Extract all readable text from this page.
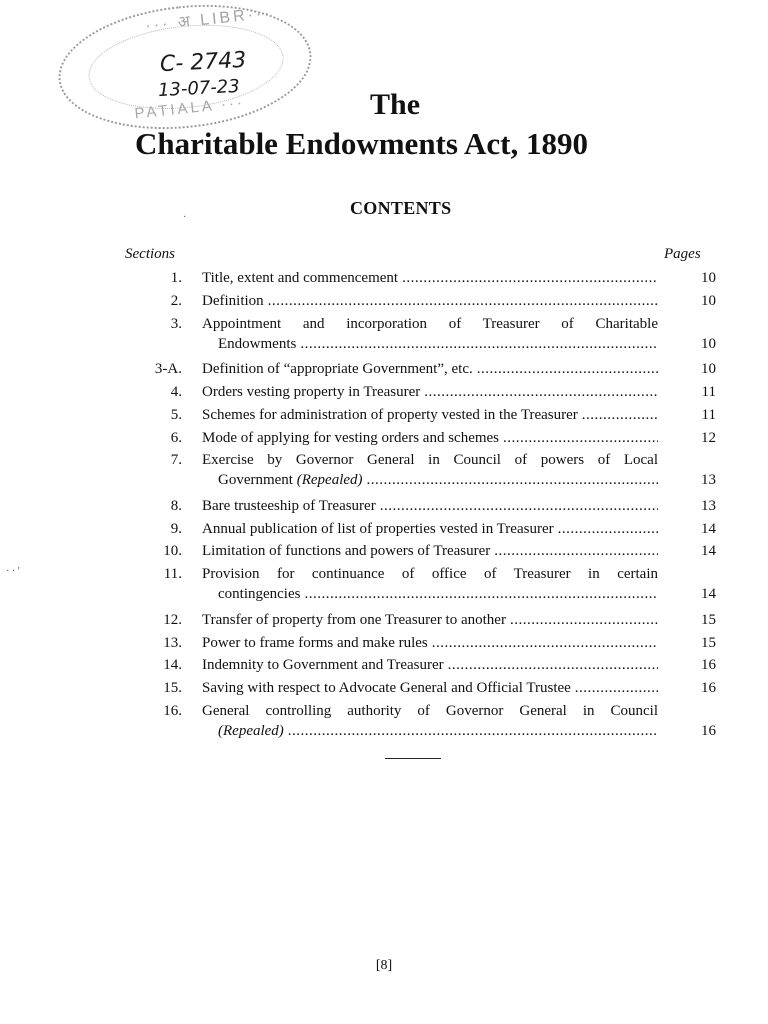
··· अ LIBR···
PATIALA ···
C- 2743
13-07-23	The
Charitable Endowments Act, 1890
CONTENTS
·
· · ′
Sections	Pages
1. Title, extent and commencement .....	10
2. Definition .....	10
3. Appointment and incorporation of Treasurer of Charitable
Endowments .....	10
3-A. Definition of “appropriate Government”, etc. .....	10
4. Orders vesting property in Treasurer .....	11
5. Schemes for administration of property vested in the Treasurer .....	11
6. Mode of applying for vesting orders and schemes .....	12
7. Exercise by Governor General in Council of powers of Local
Government (Repealed) .....	13
8. Bare trusteeship of Treasurer .....	13
9. Annual publication of list of properties vested in Treasurer .....	14
10. Limitation of functions and powers of Treasurer .....	14
11. Provision for continuance of office of Treasurer in certain
contingencies .....	14
12. Transfer of property from one Treasurer to another .....	15
13. Power to frame forms and make rules .....	15
14. Indemnity to Government and Treasurer .....	16
15. Saving with respect to Advocate General and Official Trustee .....	16
16. General controlling authority of Governor General in Council
(Repealed) .....	16
[8]
